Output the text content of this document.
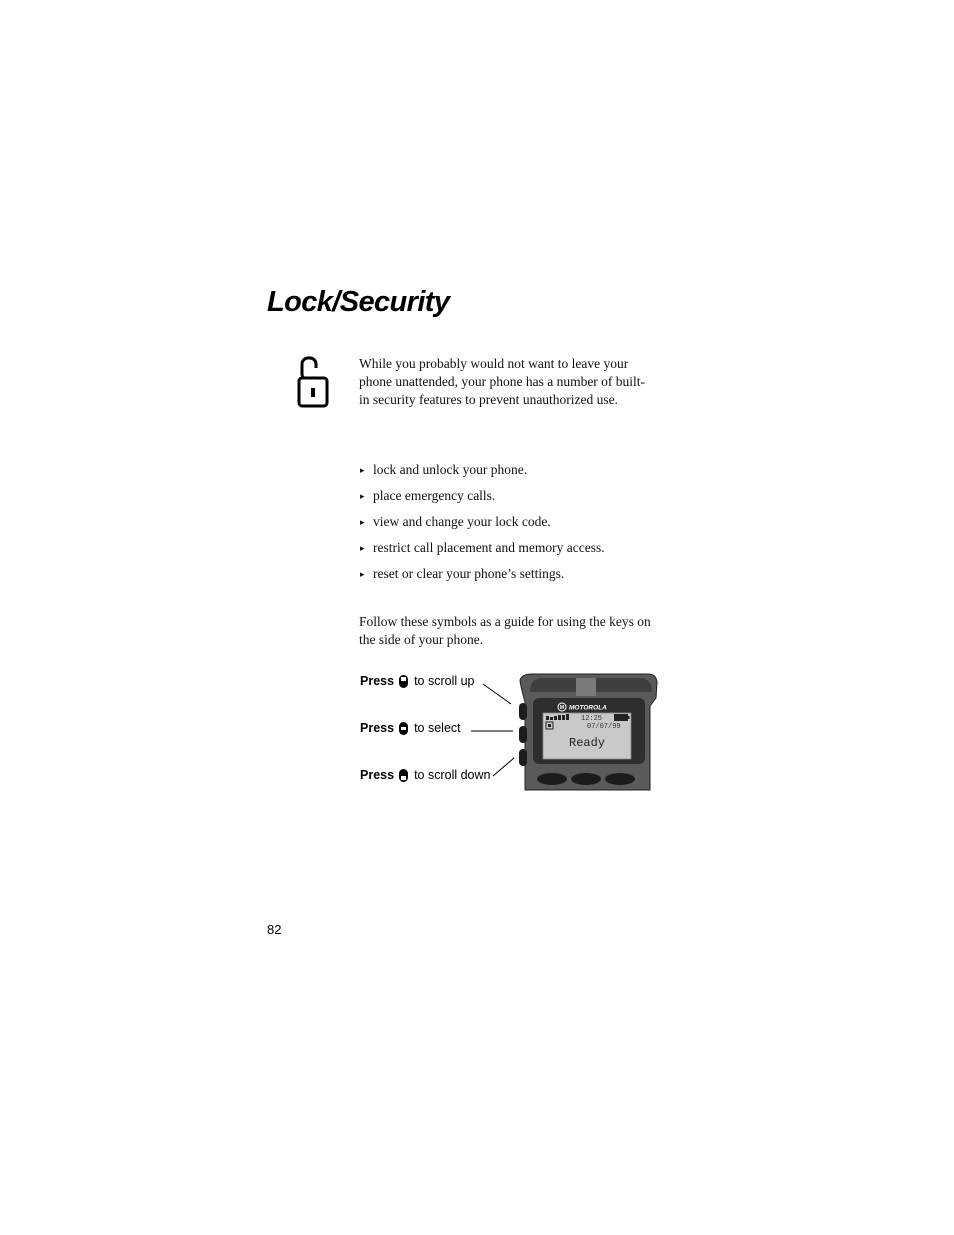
Lock/Security
While you probably would not want to leave your phone unattended, your phone has a number of built-in security features to prevent unauthorized use.
▸ lock and unlock your phone.
▸ place emergency calls.
▸ view and change your lock code.
▸ restrict call placement and memory access.
▸ reset or clear your phone’s settings.
Follow these symbols as a guide for using the keys on the side of your phone.
Press to scroll up
Press to select
Press to scroll down
M MOTOROLA
12:25
07/07/99
Ready
82
